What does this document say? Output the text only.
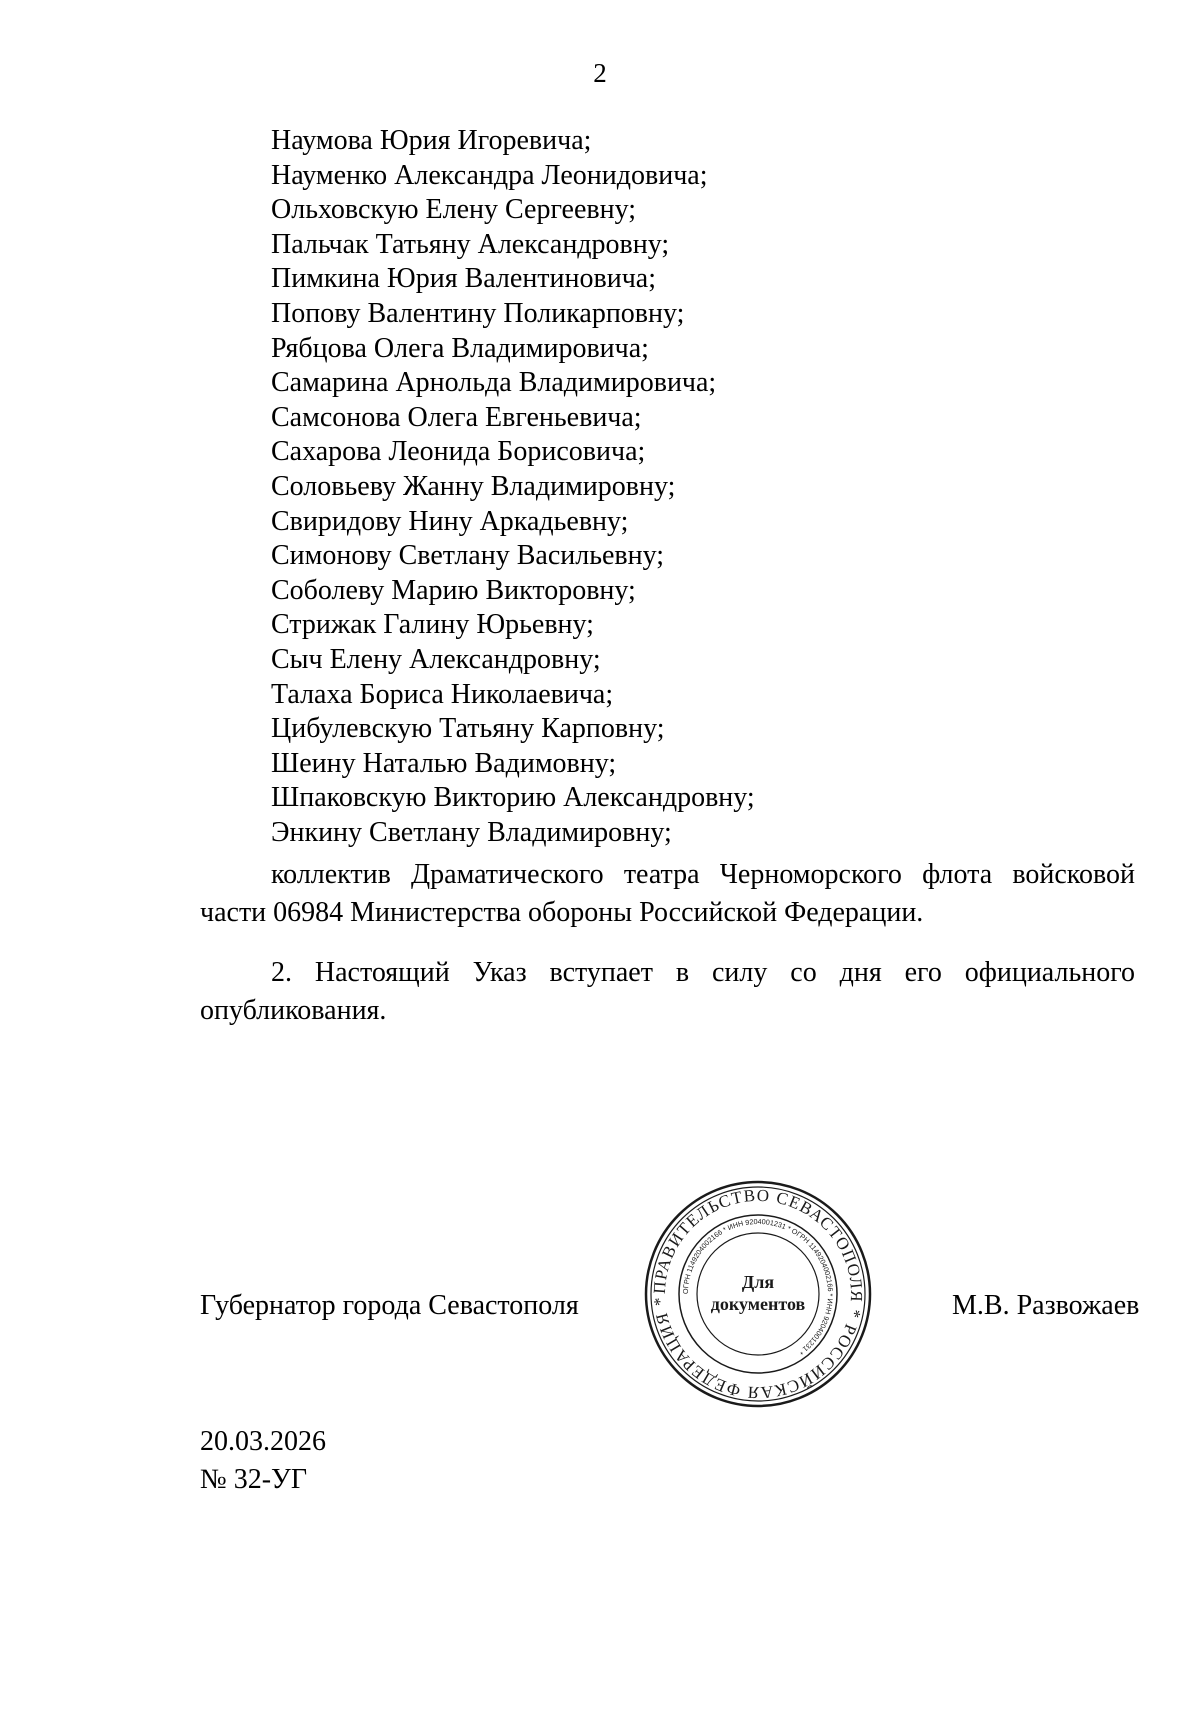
2
Наумова Юрия Игоревича;
Науменко Александра Леонидовича;
Ольховскую Елену Сергеевну;
Пальчак Татьяну Александровну;
Пимкина Юрия Валентиновича;
Попову Валентину Поликарповну;
Рябцова Олега Владимировича;
Самарина Арнольда Владимировича;
Самсонова Олега Евгеньевича;
Сахарова Леонида Борисовича;
Соловьеву Жанну Владимировну;
Свиридову Нину Аркадьевну;
Симонову Светлану Васильевну;
Соболеву Марию Викторовну;
Стрижак Галину Юрьевну;
Сыч Елену Александровну;
Талаха Бориса Николаевича;
Цибулевскую Татьяну Карповну;
Шеину Наталью Вадимовну;
Шпаковскую Викторию Александровну;
Энкину Светлану Владимировну;

коллектив Драматического театра Черноморского флота войсковой части 06984 Министерства обороны Российской Федерации.

2. Настоящий Указ вступает в силу со дня его официального опубликования.

Губернатор города Севастополя
ПРАВИТЕЛЬСТВО СЕВАСТОПОЛЯ * РОССИЙСКАЯ ФЕДЕРАЦИЯ *
ОГРН 1149204002166 * ИНН 9204001231 * ОГРН 1149204002166 * ИНН 9204001231 *
Для
документов	М.В. Развожаев
20.03.2026
№ 32-УГ
